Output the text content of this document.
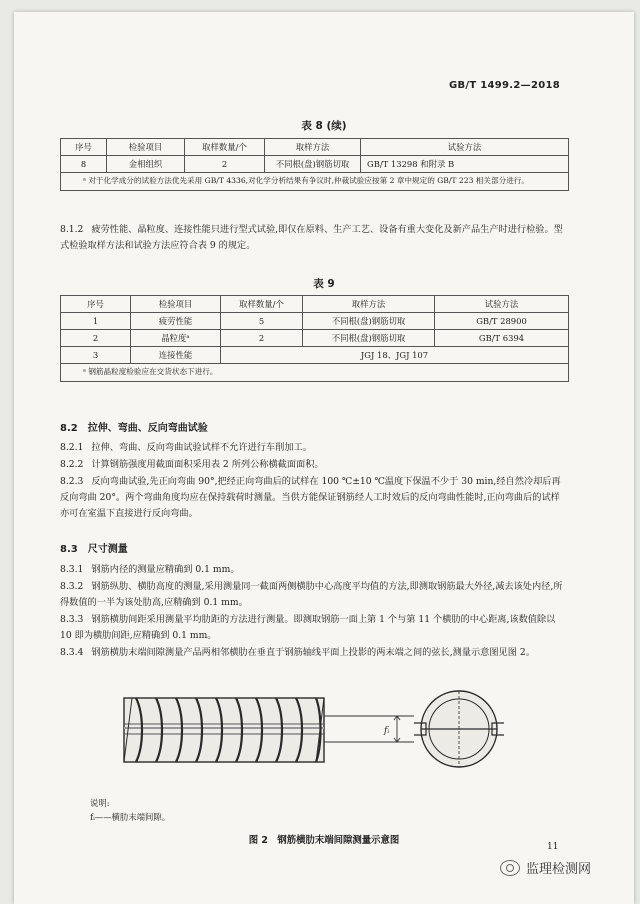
GB/T 1499.2—2018
表 8 (续)
序号	检验项目	取样数量/个	取样方法	试验方法
8	金相组织	2	不同根(盘)钢筋切取	GB/T 13298 和附录 B
ᵃ 对于化学成分的试验方法优先采用 GB/T 4336,对化学分析结果有争议时,仲裁试验应按第 2 章中规定的 GB/T 223 相关部分进行。				
8.1.2 疲劳性能、晶粒度、连接性能只进行型式试验,即仅在原料、生产工艺、设备有重大变化及新产品生产时进行检验。型式检验取样方法和试验方法应符合表 9 的规定。
表 9
序号	检验项目	取样数量/个	取样方法	试验方法
1	疲劳性能	5	不同根(盘)钢筋切取	GB/T 28900
2	晶粒度ᵃ	2	不同根(盘)钢筋切取	GB/T 6394
3	连接性能	JGJ 18、JGJ 107		
ᵃ 钢筋晶粒度检验应在交货状态下进行。				
8.2 拉伸、弯曲、反向弯曲试验
8.2.1 拉伸、弯曲、反向弯曲试验试样不允许进行车削加工。
8.2.2 计算钢筋强度用截面面积采用表 2 所列公称横截面面积。
8.2.3 反向弯曲试验,先正向弯曲 90°,把经正向弯曲后的试样在 100 ℃±10 ℃温度下保温不少于 30 min,经自然冷却后再反向弯曲 20°。两个弯曲角度均应在保持载荷时测量。当供方能保证钢筋经人工时效后的反向弯曲性能时,正向弯曲后的试样亦可在室温下直接进行反向弯曲。
8.3 尺寸测量
8.3.1 钢筋内径的测量应精确到 0.1 mm。
8.3.2 钢筋纵肋、横肋高度的测量,采用测量同一截面两侧横肋中心高度平均值的方法,即测取钢筋最大外径,减去该处内径,所得数值的一半为该处肋高,应精确到 0.1 mm。
8.3.3 钢筋横肋间距采用测量平均肋距的方法进行测量。即测取钢筋一面上第 1 个与第 11 个横肋的中心距离,该数值除以 10 即为横肋间距,应精确到 0.1 mm。
8.3.4 钢筋横肋末端间隙测量产品两相邻横肋在垂直于钢筋轴线平面上投影的两末端之间的弦长,测量示意图见图 2。
fᵢ
说明:
fᵢ——横肋末端间隙。
图 2　钢筋横肋末端间隙测量示意图
11
监理检测网
